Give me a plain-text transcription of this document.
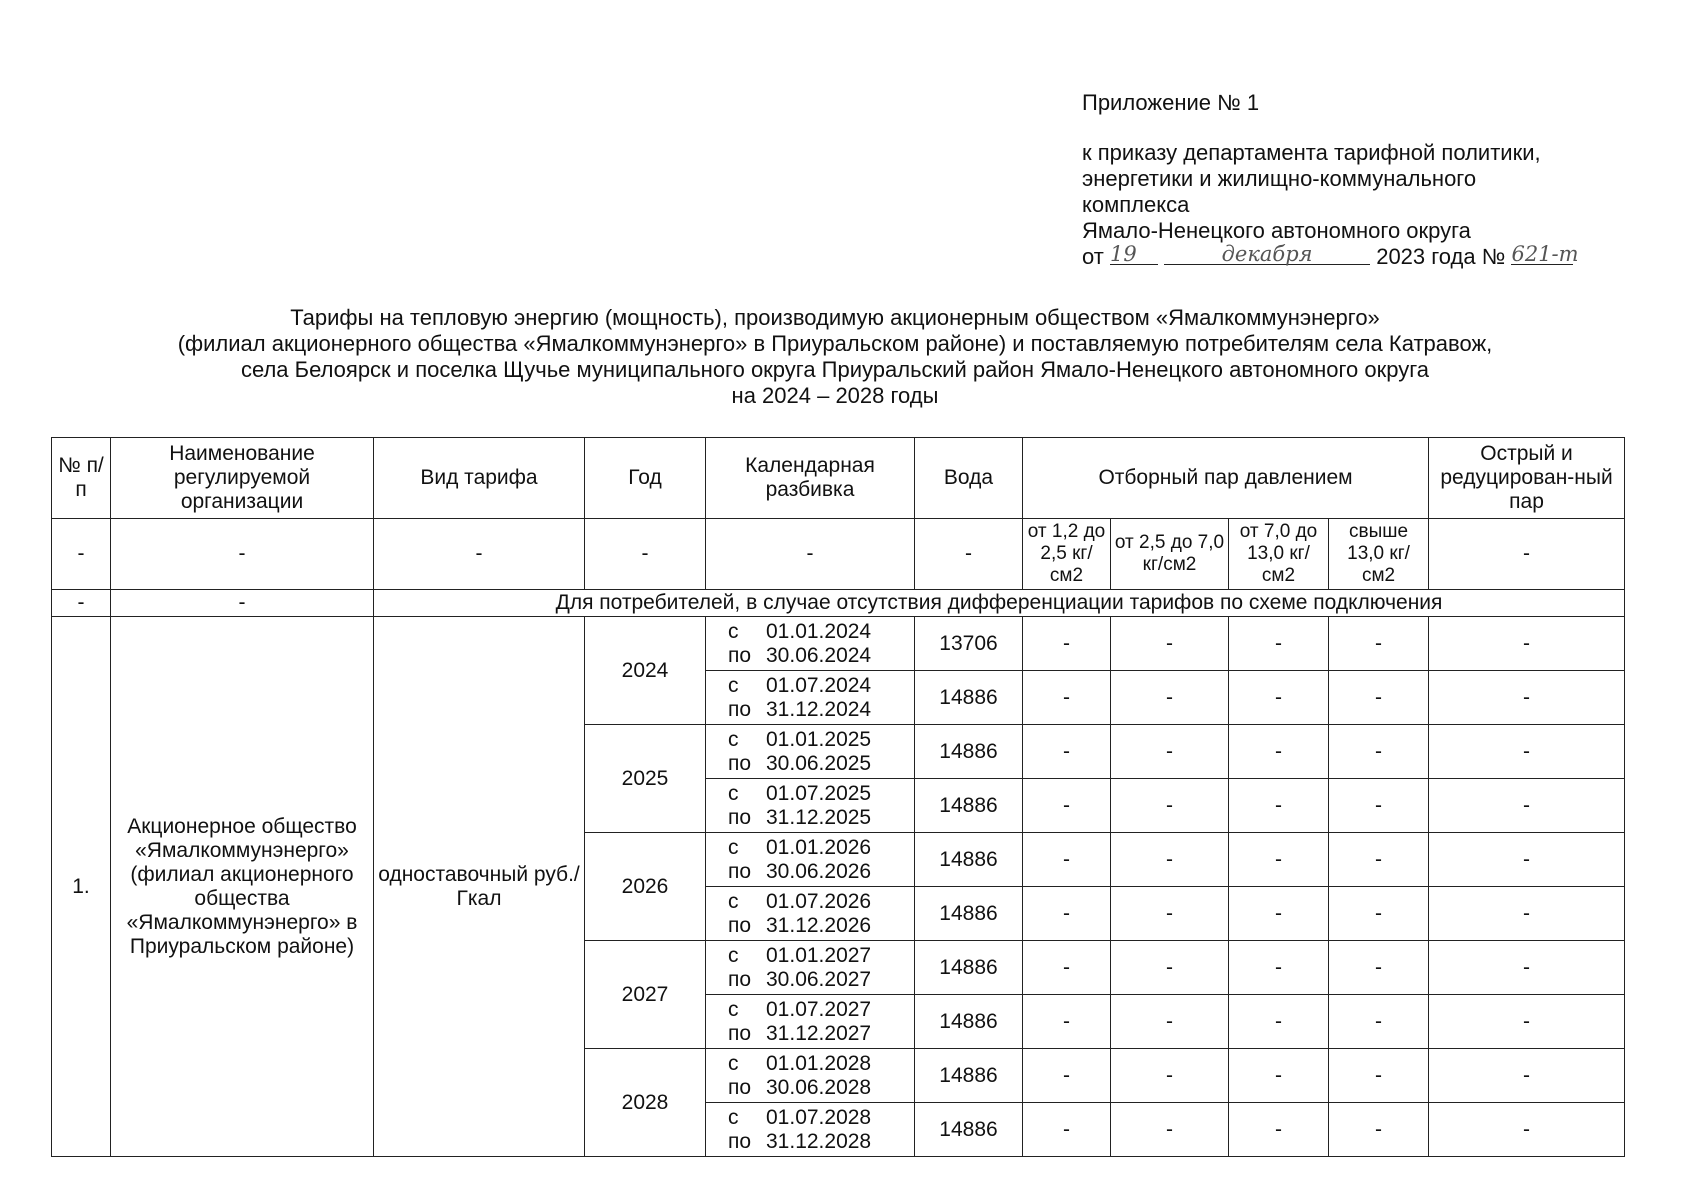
Приложение № 1
к приказу департамента тарифной политики,
энергетики и жилищно-коммунального
комплекса
Ямало-Ненецкого автономного округа
от 19	декабря	2023 года № 621-т
Тарифы на тепловую энергию (мощность), производимую акционерным обществом «Ямалкоммунэнерго»
(филиал акционерного общества «Ямалкоммунэнерго» в Приуральском районе) и поставляемую потребителям села Катравож,
села Белоярск и поселка Щучье муниципального округа Приуральский район Ямало-Ненецкого автономного округа
на 2024 – 2028 годы
№ п/п	Наименование регулируемой организации	Вид тарифа	Год	Календарная разбивка	Вода	Отборный пар давлением				Острый и редуцирован-ный пар
-	-	-	-	-	-	от 1,2 до 2,5 кг/см2	от 2,5 до 7,0 кг/см2	от 7,0 до 13,0 кг/см2	свыше 13,0 кг/см2	-
-	-	Для потребителей, в случае отсутствия дифференциации тарифов по схеме подключения								
1.	Акционерное общество «Ямалкоммунэнерго» (филиал акционерного общества «Ямалкоммунэнерго» в Приуральском районе)	одноставочный руб./Гкал	2024	с 01.01.2024
по 30.06.2024	13706	-	-	-	-	-

				с 01.07.2024
по 31.12.2024	14886	-	-	-	-	-
			2025	с 01.01.2025
по 30.06.2025	14886	-	-	-	-	-

				с 01.07.2025
по 31.12.2025	14886	-	-	-	-	-
			2026	с 01.01.2026
по 30.06.2026	14886	-	-	-	-	-

				с 01.07.2026
по 31.12.2026	14886	-	-	-	-	-
			2027	с 01.01.2027
по 30.06.2027	14886	-	-	-	-	-

				с 01.07.2027
по 31.12.2027	14886	-	-	-	-	-
			2028	с 01.01.2028
по 30.06.2028	14886	-	-	-	-	-

				с 01.07.2028
по 31.12.2028	14886	-	-	-	-	-
